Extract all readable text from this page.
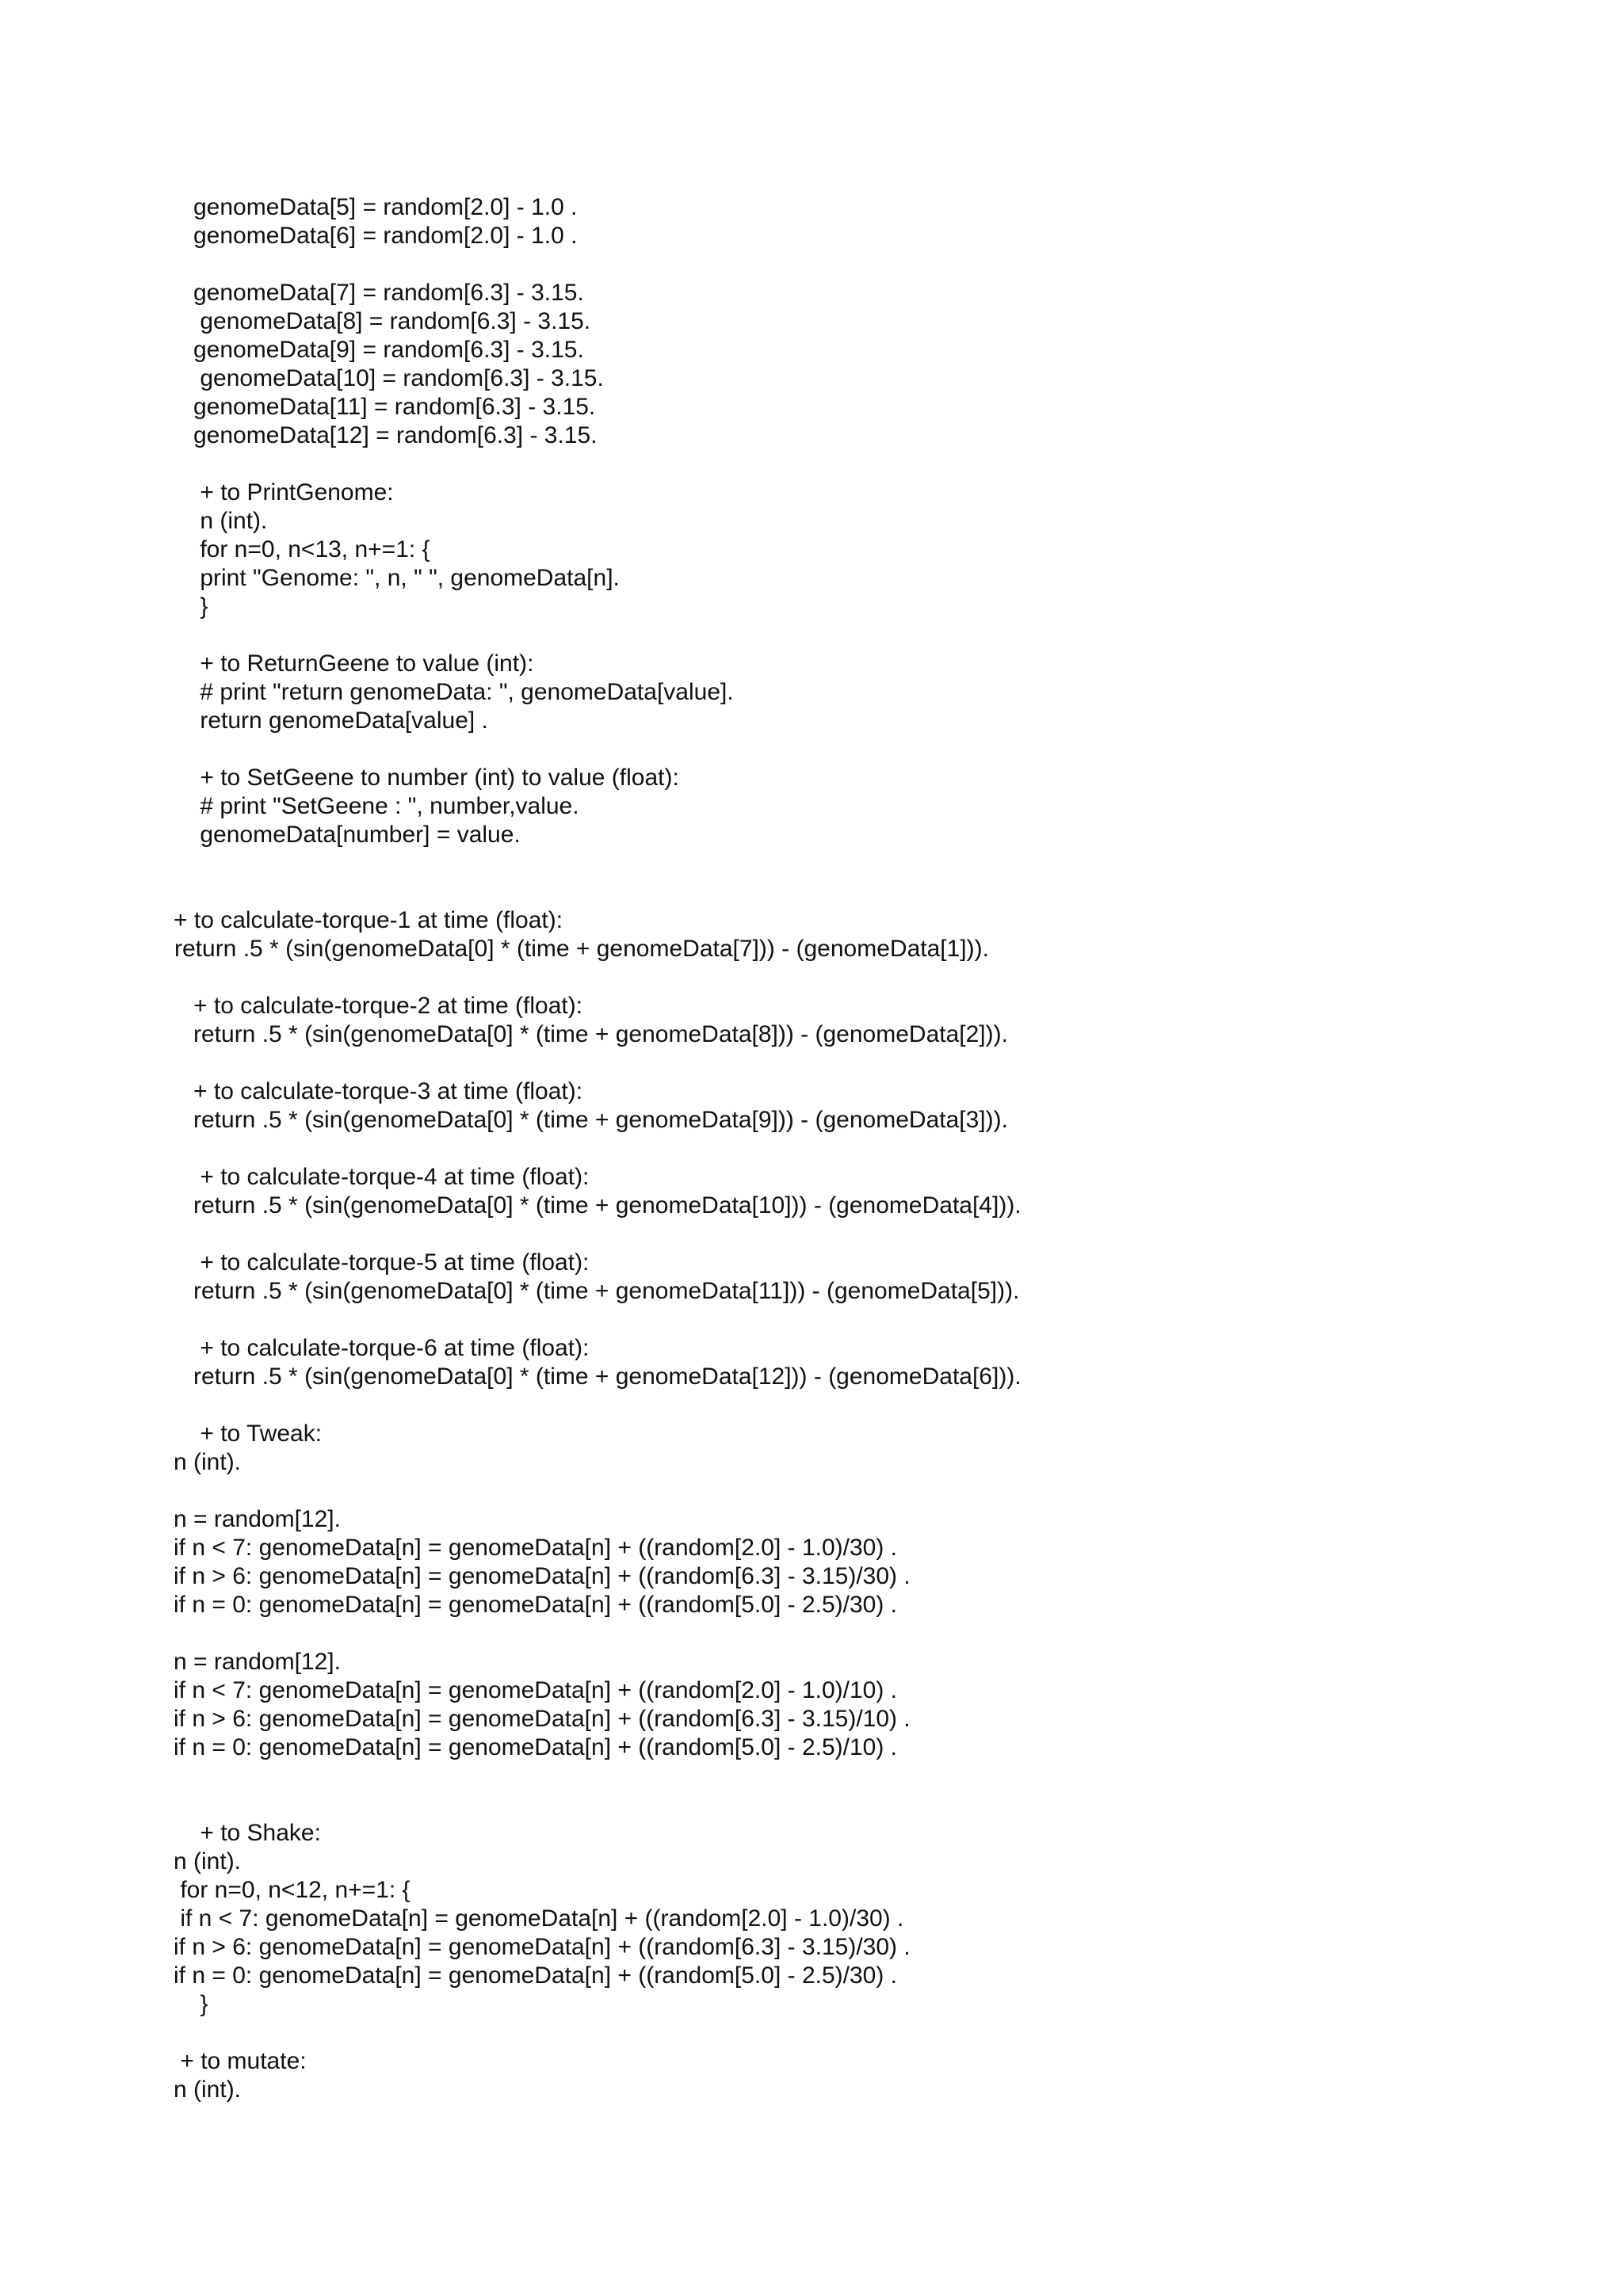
genomeData[5] = random[2.0] - 1.0 .
genomeData[6] = random[2.0] - 1.0 .
genomeData[7] = random[6.3] - 3.15.
genomeData[8] = random[6.3] - 3.15.
genomeData[9] = random[6.3] - 3.15.
genomeData[10] = random[6.3] - 3.15.
genomeData[11] = random[6.3] - 3.15.
genomeData[12] = random[6.3] - 3.15.
+ to PrintGenome:
n (int).
for n=0, n<13, n+=1: {
print "Genome: ", n, " ", genomeData[n].
}
+ to ReturnGeene to value (int):
# print "return genomeData: ", genomeData[value].
return genomeData[value] .
+ to SetGeene to number (int) to value (float):
# print "SetGeene : ", number,value.
genomeData[number] = value.
+ to calculate-torque-1 at time (float):
return .5 * (sin(genomeData[0] * (time + genomeData[7])) - (genomeData[1])).
+ to calculate-torque-2 at time (float):
return .5 * (sin(genomeData[0] * (time + genomeData[8])) - (genomeData[2])).
+ to calculate-torque-3 at time (float):
return .5 * (sin(genomeData[0] * (time + genomeData[9])) - (genomeData[3])).
+ to calculate-torque-4 at time (float):
return .5 * (sin(genomeData[0] * (time + genomeData[10])) - (genomeData[4])).
+ to calculate-torque-5 at time (float):
return .5 * (sin(genomeData[0] * (time + genomeData[11])) - (genomeData[5])).
+ to calculate-torque-6 at time (float):
return .5 * (sin(genomeData[0] * (time + genomeData[12])) - (genomeData[6])).
+ to Tweak:
n (int).
n = random[12].
if n < 7: genomeData[n] = genomeData[n] + ((random[2.0] - 1.0)/30) .
if n > 6: genomeData[n] = genomeData[n] + ((random[6.3] - 3.15)/30) .
if n = 0: genomeData[n] = genomeData[n] + ((random[5.0] - 2.5)/30) .
n = random[12].
if n < 7: genomeData[n] = genomeData[n] + ((random[2.0] - 1.0)/10) .
if n > 6: genomeData[n] = genomeData[n] + ((random[6.3] - 3.15)/10) .
if n = 0: genomeData[n] = genomeData[n] + ((random[5.0] - 2.5)/10) .
+ to Shake:
n (int).
for n=0, n<12, n+=1: {
if n < 7: genomeData[n] = genomeData[n] + ((random[2.0] - 1.0)/30) .
if n > 6: genomeData[n] = genomeData[n] + ((random[6.3] - 3.15)/30) .
if n = 0: genomeData[n] = genomeData[n] + ((random[5.0] - 2.5)/30) .
}
+ to mutate:
n (int).
